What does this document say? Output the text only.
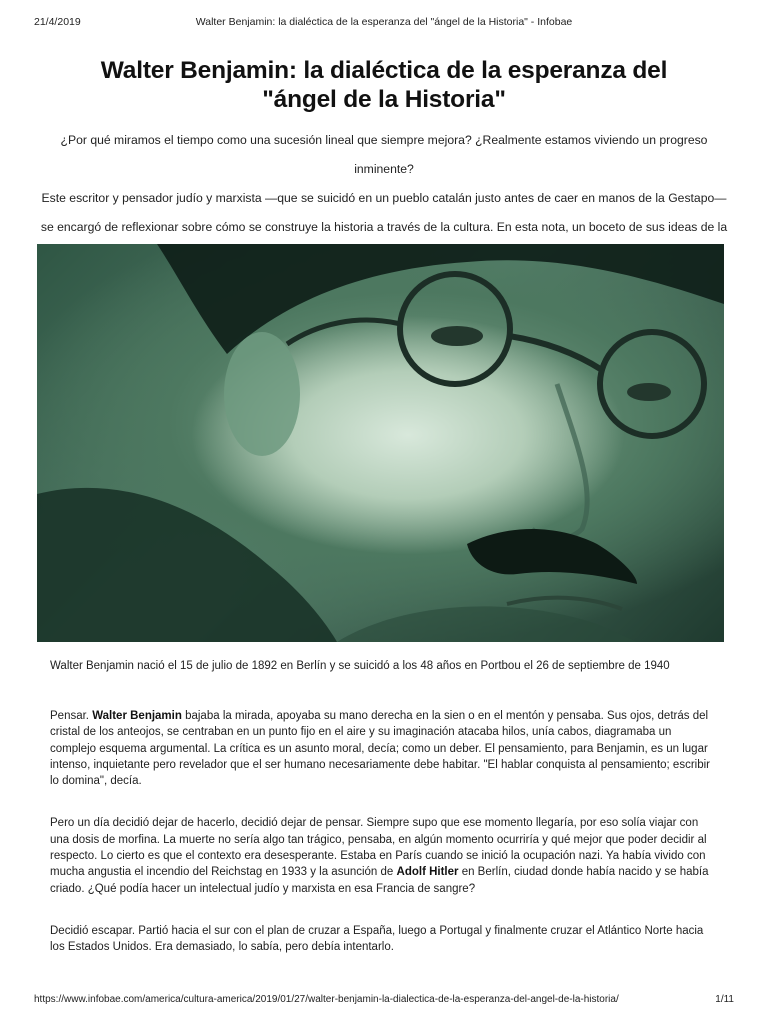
21/4/2019	Walter Benjamin: la dialéctica de la esperanza del "ángel de la Historia" - Infobae
Walter Benjamin: la dialéctica de la esperanza del
"ángel de la Historia"

¿Por qué miramos el tiempo como una sucesión lineal que siempre mejora? ¿Realmente estamos viviendo un progreso inminente?

Este escritor y pensador judío y marxista —que se suicidó en un pueblo catalán justo antes de caer en manos de la Gestapo— se encargó de reflexionar sobre cómo se construye la historia a través de la cultura. En esta nota, un boceto de sus ideas de la

Walter Benjamin nació el 15 de julio de 1892 en Berlín y se suicidó a los 48 años en Portbou el 26 de septiembre de 1940

Pensar. Walter Benjamin bajaba la mirada, apoyaba su mano derecha en la sien o en el mentón y pensaba. Sus ojos, detrás del cristal de los anteojos, se centraban en un punto fijo en el aire y su imaginación atacaba hilos, unía cabos, diagramaba un complejo esquema argumental. La crítica es un asunto moral, decía; como un deber. El pensamiento, para Benjamin, es un lugar intenso, inquietante pero revelador que el ser humano necesariamente debe habitar. "El hablar conquista al pensamiento; escribir lo domina", decía.

Pero un día decidió dejar de hacerlo, decidió dejar de pensar. Siempre supo que ese momento llegaría, por eso solía viajar con una dosis de morfina. La muerte no sería algo tan trágico, pensaba, en algún momento ocurriría y qué mejor que poder decidir al respecto. Lo cierto es que el contexto era desesperante. Estaba en París cuando se inició la ocupación nazi. Ya había vivido con mucha angustia el incendio del Reichstag en 1933 y la asunción de Adolf Hitler en Berlín, ciudad donde había nacido y se había criado. ¿Qué podía hacer un intelectual judío y marxista en esa Francia de sangre?

Decidió escapar. Partió hacia el sur con el plan de cruzar a España, luego a Portugal y finalmente cruzar el Atlántico Norte hacia los Estados Unidos. Era demasiado, lo sabía, pero debía intentarlo.

https://www.infobae.com/america/cultura-america/2019/01/27/walter-benjamin-la-dialectica-de-la-esperanza-del-angel-de-la-historia/	1/11
